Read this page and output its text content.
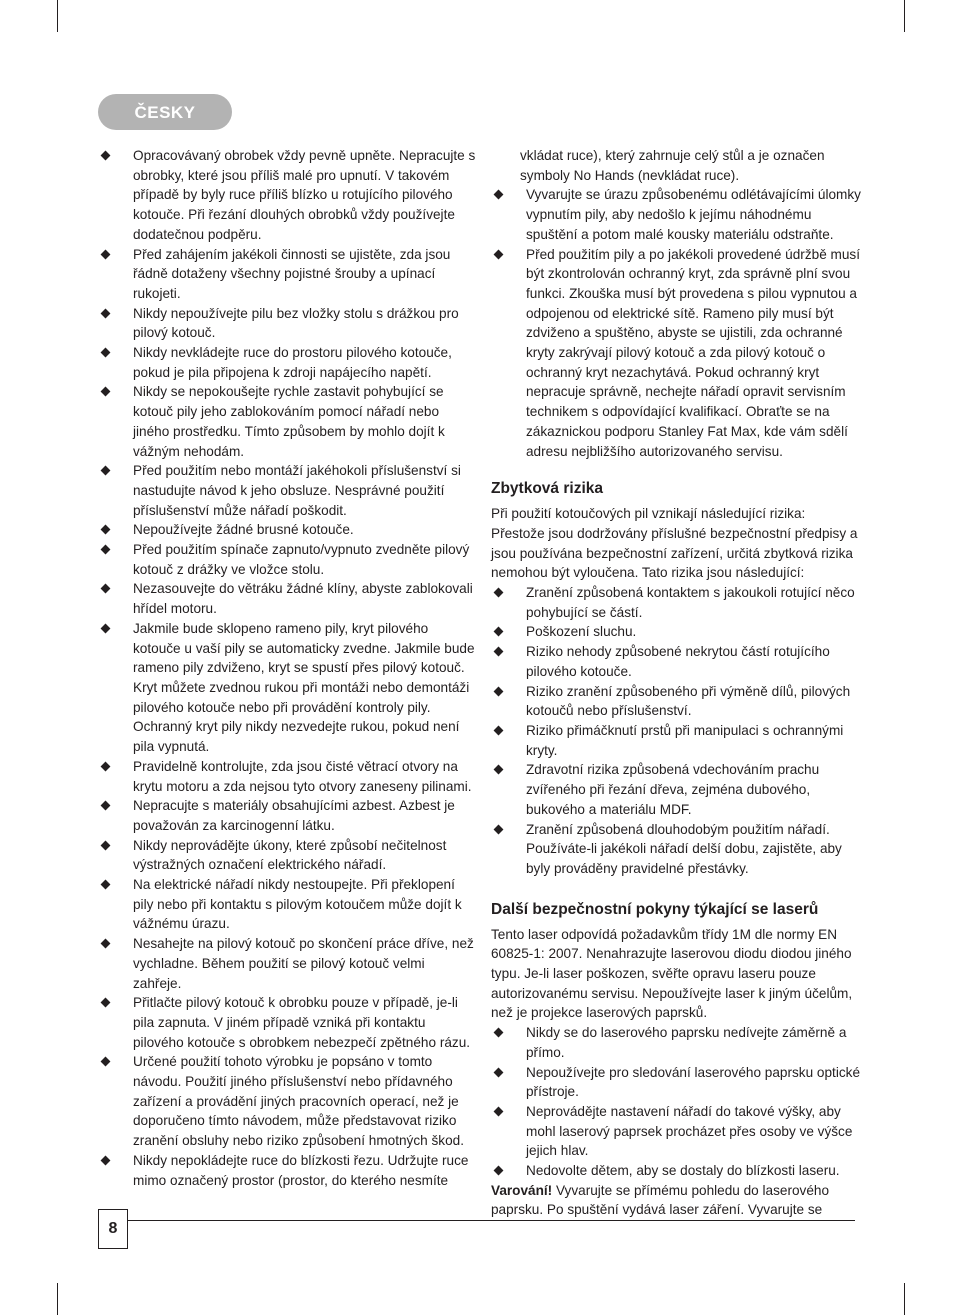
ČESKY
Opracovávaný obrobek vždy pevně upněte. Nepracujte s obrobky, které jsou příliš malé pro upnutí. V takovém případě by byly ruce příliš blízko u rotujícího pilového kotouče. Při řezání dlouhých obrobků vždy používejte dodatečnou podpěru.
Před zahájením jakékoli činnosti se ujistěte, zda jsou řádně dotaženy všechny pojistné šrouby a upínací rukojeti.
Nikdy nepoužívejte pilu bez vložky stolu s drážkou pro pilový kotouč.
Nikdy nevkládejte ruce do prostoru pilového kotouče, pokud je pila připojena k zdroji napájecího napětí.
Nikdy se nepokoušejte rychle zastavit pohybující se kotouč pily jeho zablokováním pomocí nářadí nebo jiného prostředku. Tímto způsobem by mohlo dojít k vážným nehodám.
Před použitím nebo montáží jakéhokoli příslušenství si nastudujte návod k jeho obsluze. Nesprávné použití příslušenství může nářadí poškodit.
Nepoužívejte žádné brusné kotouče.
Před použitím spínače zapnuto/vypnuto zvedněte pilový kotouč z drážky ve vložce stolu.
Nezasouvejte do větráku žádné klíny, abyste zablokovali hřídel motoru.
Jakmile bude sklopeno rameno pily, kryt pilového kotouče u vaší pily se automaticky zvedne. Jakmile bude rameno pily zdviženo, kryt se spustí přes pilový kotouč. Kryt můžete zvednou rukou při montáži nebo demontáži pilového kotouče nebo při provádění kontroly pily. Ochranný kryt pily nikdy nezvedejte rukou, pokud není pila vypnutá.
Pravidelně kontrolujte, zda jsou čisté větrací otvory na krytu motoru a zda nejsou tyto otvory zaneseny pilinami.
Nepracujte s materiály obsahujícími azbest. Azbest je považován za karcinogenní látku.
Nikdy neprovádějte úkony, které způsobí nečitelnost výstražných označení elektrického nářadí.
Na elektrické nářadí nikdy nestoupejte. Při překlopení pily nebo při kontaktu s pilovým kotoučem může dojít k vážnému úrazu.
Nesahejte na pilový kotouč po skončení práce dříve, než vychladne. Během použití se pilový kotouč velmi zahřeje.
Přitlačte pilový kotouč k obrobku pouze v případě, je-li pila zapnuta. V jiném případě vzniká při kontaktu pilového kotouče s obrobkem nebezpečí zpětného rázu.
Určené použití tohoto výrobku je popsáno v tomto návodu. Použití jiného příslušenství nebo přídavného zařízení a provádění jiných pracovních operací, než je doporučeno tímto návodem, může představovat riziko zranění obsluhy nebo riziko způsobení hmotných škod.
Nikdy nepokládejte ruce do blízkosti řezu. Udržujte ruce mimo označený prostor (prostor, do kterého nesmíte
vkládat ruce), který zahrnuje celý stůl a je označen symboly No Hands (nevkládat ruce).
Vyvarujte se úrazu způsobenému odlétávajícími úlomky vypnutím pily, aby nedošlo k jejímu náhodnému spuštění a potom malé kousky materiálu odstraňte.
Před použitím pily a po jakékoli provedené údržbě musí být zkontrolován ochranný kryt, zda správně plní svou funkci. Zkouška musí být provedena s pilou vypnutou a odpojenou od elektrické sítě. Rameno pily musí být zdviženo a spuštěno, abyste se ujistili, zda ochranné kryty zakrývají pilový kotouč a zda pilový kotouč o ochranný kryt nezachytává. Pokud ochranný kryt nepracuje správně, nechejte nářadí opravit servisním technikem s odpovídající kvalifikací. Obraťte se na zákaznickou podporu Stanley Fat Max, kde vám sdělí adresu nejbližšího autorizovaného servisu.
Zbytková rizika

Při použití kotoučových pil vznikají následující rizika: Přestože jsou dodržovány příslušné bezpečnostní předpisy a jsou používána bezpečnostní zařízení, určitá zbytková rizika nemohou být vyloučena. Tato rizika jsou následující:

Zranění způsobená kontaktem s jakoukoli rotující něco pohybující se částí.
Poškození sluchu.
Riziko nehody způsobené nekrytou částí rotujícího pilového kotouče.
Riziko zranění způsobeného při výměně dílů, pilových kotoučů nebo příslušenství.
Riziko přimáčknutí prstů při manipulaci s ochrannými kryty.
Zdravotní rizika způsobená vdechováním prachu zvířeného při řezání dřeva, zejména dubového, bukového a materiálu MDF.
Zranění způsobená dlouhodobým použitím nářadí. Používáte-li jakékoli nářadí delší dobu, zajistěte, aby byly prováděny pravidelné přestávky.
Další bezpečnostní pokyny týkající se laserů

Tento laser odpovídá požadavkům třídy 1M dle normy EN 60825-1: 2007. Nenahrazujte laserovou diodu diodou jiného typu. Je-li laser poškozen, svěřte opravu laseru pouze autorizovanému servisu. Nepoužívejte laser k jiným účelům, než je projekce laserových paprsků.

Nikdy se do laserového paprsku nedívejte záměrně a přímo.
Nepoužívejte pro sledování laserového paprsku optické přístroje.
Neprovádějte nastavení nářadí do takové výšky, aby mohl laserový paprsek procházet přes osoby ve výšce jejich hlav.
Nedovolte dětem, aby se dostaly do blízkosti laseru.

Varování! Vyvarujte se přímému pohledu do laserového paprsku. Po spuštění vydává laser záření. Vyvarujte se

8
